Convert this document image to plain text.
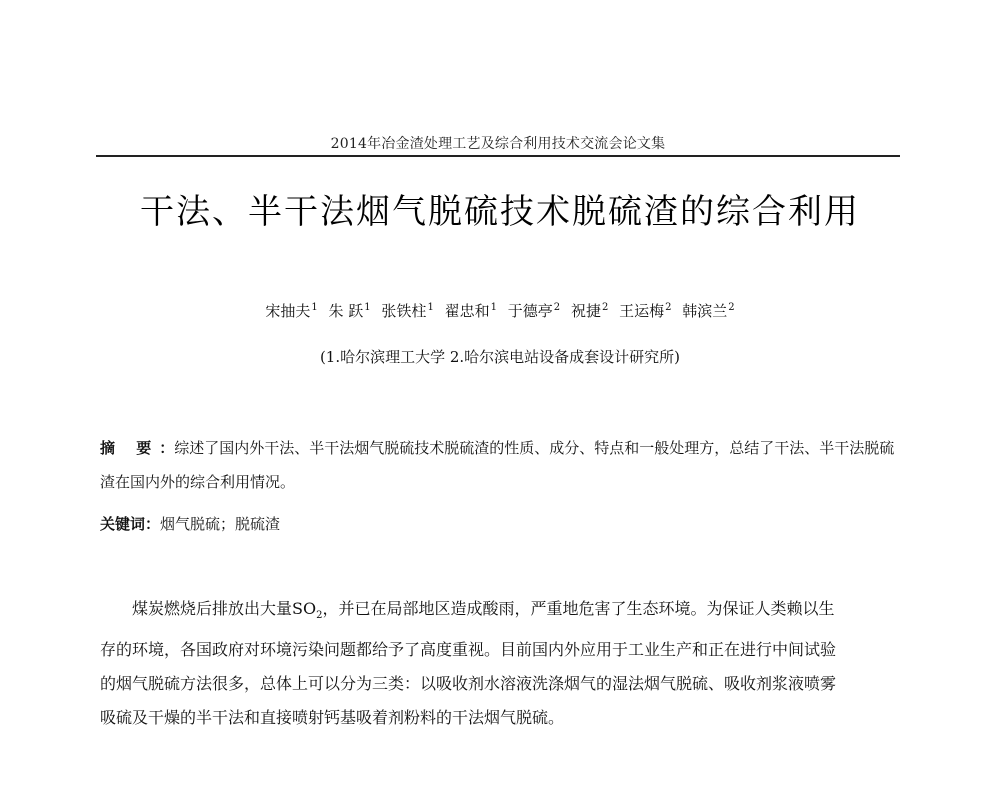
2014年冶金渣处理工艺及综合利用技术交流会论文集
干法、半干法烟气脱硫技术脱硫渣的综合利用
宋抽夫$^1$ 朱 跃$^1$ 张铁柱$^1$ 翟忠和$^1$ 于德亭$^2$ 祝捷$^2$ 王运梅$^2$ 韩滨兰$^2$
(1.哈尔滨理工大学 2.哈尔滨电站设备成套设计研究所)
摘 要：综述了国内外干法、半干法烟气脱硫技术脱硫渣的性质、成分、特点和一般处理方，总结了干法、半干法脱硫渣在国内外的综合利用情况。
关键词：烟气脱硫；脱硫渣
煤炭燃烧后排放出大量$SO_2$，并已在局部地区造成酸雨，严重地危害了生态环境。为保证人类赖以生
存的环境，各国政府对环境污染问题都给予了高度重视。目前国内外应用于工业生产和正在进行中间试验
的烟气脱硫方法很多，总体上可以分为三类：以吸收剂水溶液洗涤烟气的湿法烟气脱硫、吸收剂浆液喷雾
吸硫及干燥的半干法和直接喷射钙基吸着剂粉料的干法烟气脱硫。
